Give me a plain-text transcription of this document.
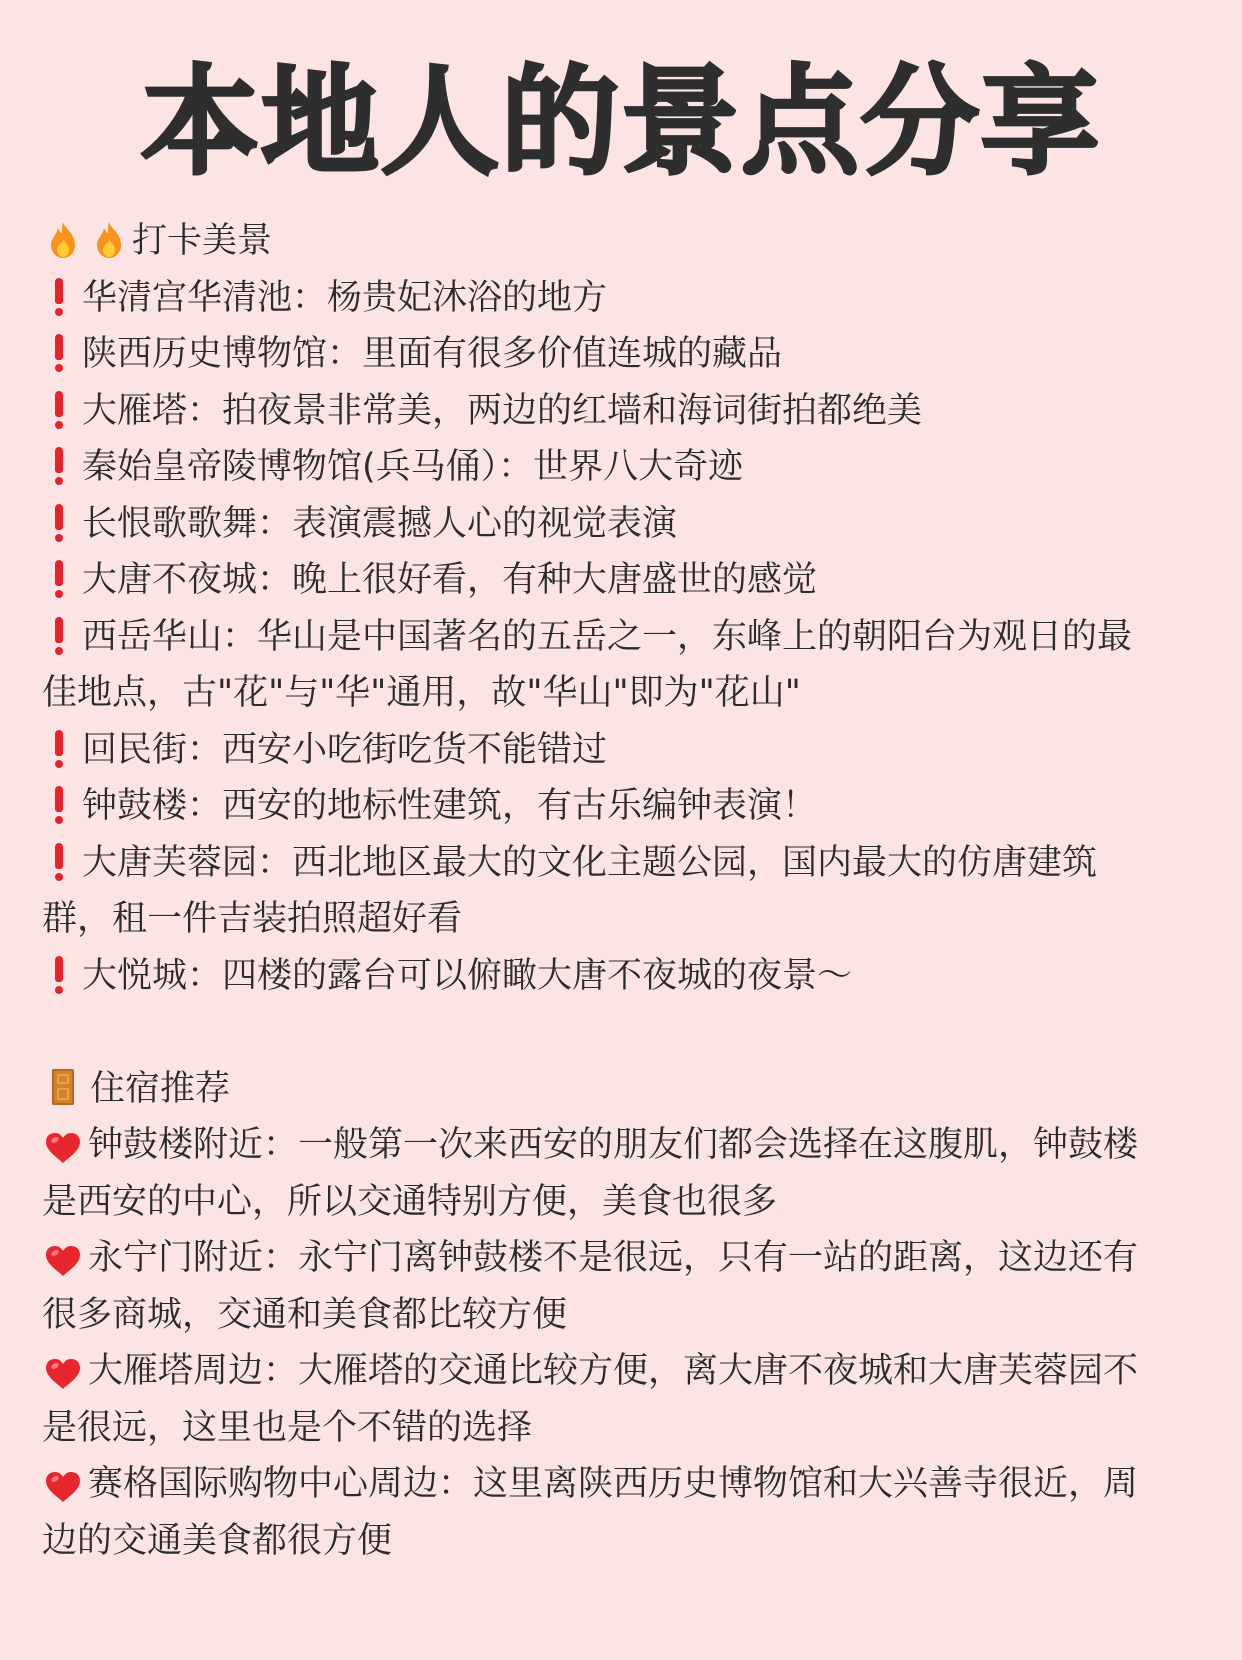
本地人的景点分享
打卡美景
华清宫华清池：杨贵妃沐浴的地方
陕西历史博物馆：里面有很多价值连城的藏品
大雁塔：拍夜景非常美，两边的红墙和海词街拍都绝美
秦始皇帝陵博物馆(兵马俑）：世界八大奇迹
长恨歌歌舞：表演震撼人心的视觉表演
大唐不夜城：晚上很好看，有种大唐盛世的感觉
西岳华山：华山是中国著名的五岳之一，东峰上的朝阳台为观日的最
佳地点，古"花"与"华"通用，故"华山"即为"花山"
回民街：西安小吃街吃货不能错过
钟鼓楼：西安的地标性建筑，有古乐编钟表演！
大唐芙蓉园：西北地区最大的文化主题公园，国内最大的仿唐建筑
群，租一件吉装拍照超好看
大悦城：四楼的露台可以俯瞰大唐不夜城的夜景～
住宿推荐
钟鼓楼附近：一般第一次来西安的朋友们都会选择在这腹肌，钟鼓楼
是西安的中心，所以交通特别方便，美食也很多
永宁门附近：永宁门离钟鼓楼不是很远，只有一站的距离，这边还有
很多商城，交通和美食都比较方便
大雁塔周边：大雁塔的交通比较方便，离大唐不夜城和大唐芙蓉园不
是很远，这里也是个不错的选择
赛格国际购物中心周边：这里离陕西历史博物馆和大兴善寺很近，周
边的交通美食都很方便
